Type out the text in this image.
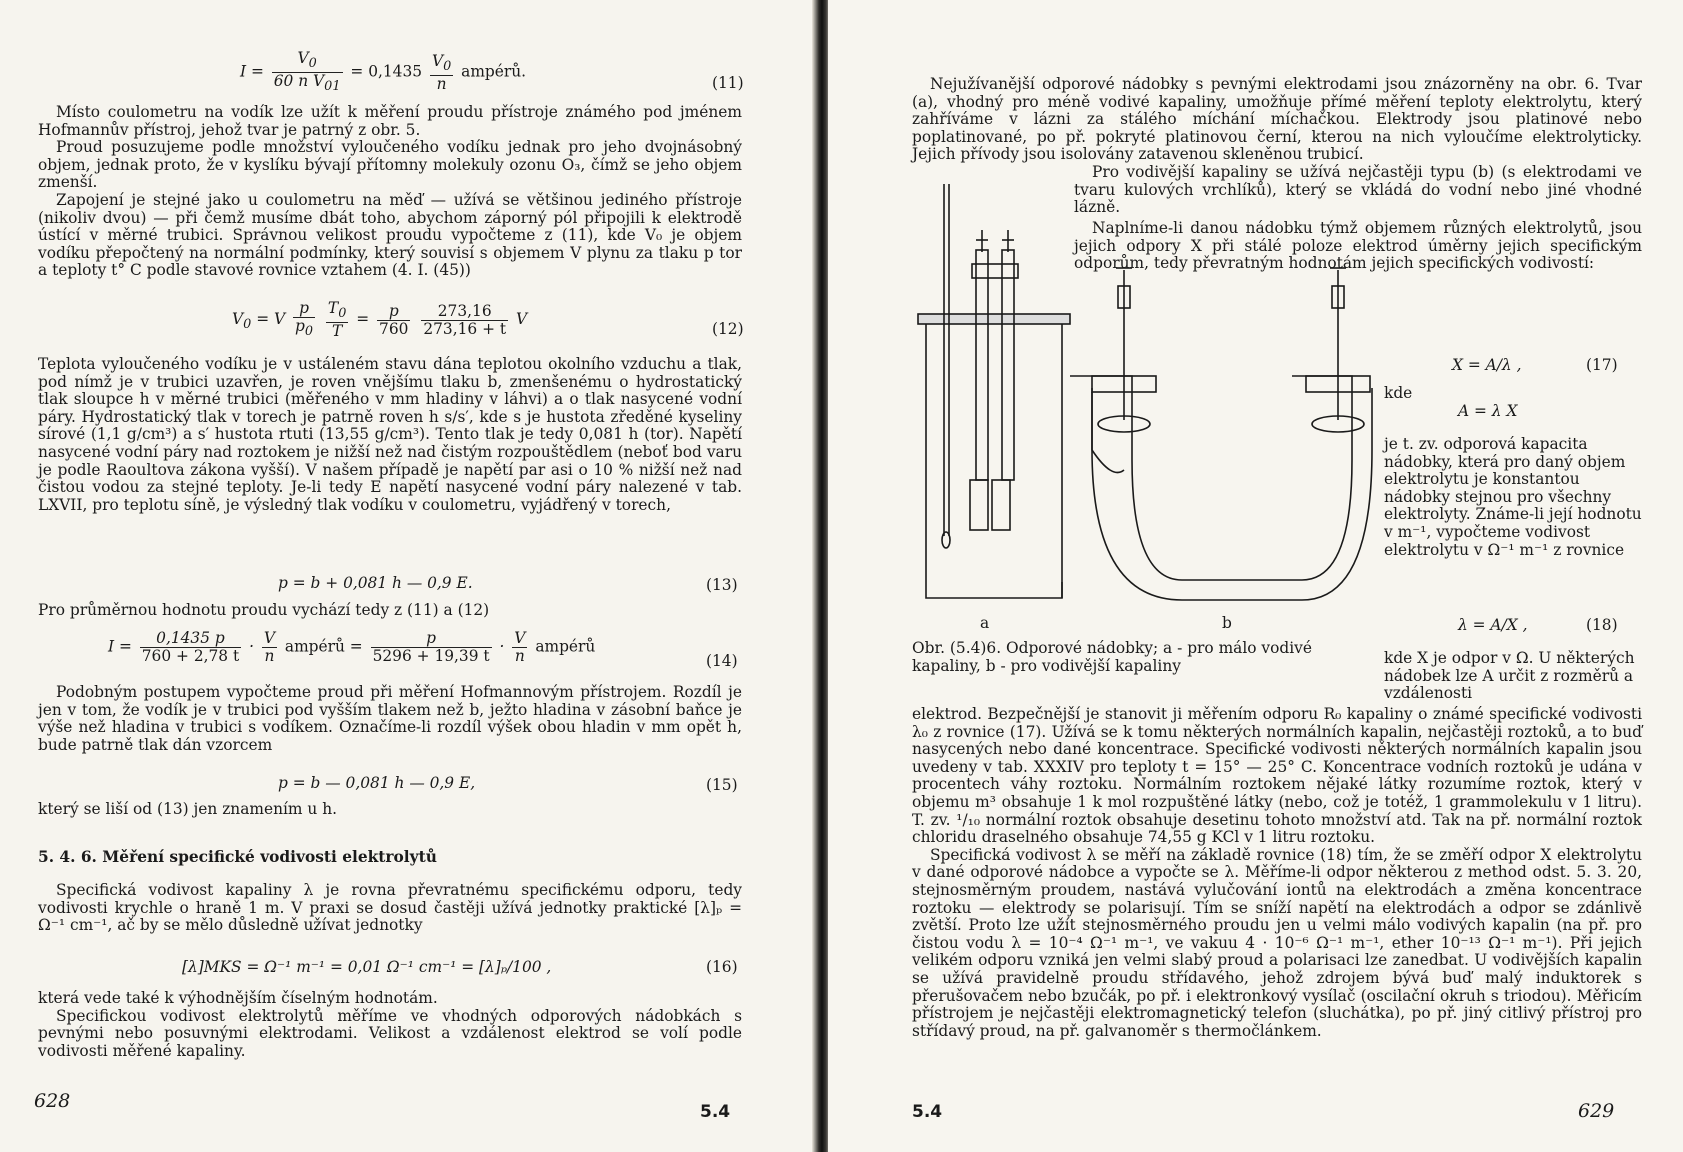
$I = \frac{V_0}{60 n V_{01}} = 0,1435 \frac{V_0}{n}$ ampérů.
(11)

Místo coulometru na vodík lze užít k měření proudu přístroje známého pod jménem Hofmannův přístroj, jehož tvar je patrný z obr. 5.

Proud posuzujeme podle množství vyloučeného vodíku jednak pro jeho dvojnásobný objem, jednak proto, že v kyslíku bývají přítomny molekuly ozonu O₃, čímž se jeho objem zmenší.

Zapojení je stejné jako u coulometru na měď — užívá se většinou jediného přístroje (nikoliv dvou) — při čemž musíme dbát toho, abychom záporný pól připojili k elektrodě ústící v měrné trubici. Správnou velikost proudu vypočteme z (11), kde V₀ je objem vodíku přepočtený na normální podmínky, který souvisí s objemem V plynu za tlaku p tor a teploty t° C podle stavové rovnice vztahem (4. I. (45))

$V_0 = V \frac{p}{p_0}$
$\frac{T_0}{T} = \frac{p}{760}$
$\frac{273,16}{273,16 + t}$ V
(12)

Teplota vyloučeného vodíku je v ustáleném stavu dána teplotou okolního vzduchu a tlak, pod nímž je v trubici uzavřen, je roven vnějšímu tlaku b, zmenšenému o hydrostatický tlak sloupce h v měrné trubici (měřeného v mm hladiny v láhvi) a o tlak nasycené vodní páry. Hydrostatický tlak v torech je patrně roven h s/s′, kde s je hustota zředěné kyseliny sírové (1,1 g/cm³) a s′ hustota rtuti (13,55 g/cm³). Tento tlak je tedy 0,081 h (tor). Napětí nasycené vodní páry nad roztokem je nižší než nad čistým rozpouštědlem (neboť bod varu je podle Raoultova zákona vyšší). V našem případě je napětí par asi o 10 % nižší než nad čistou vodou za stejné teploty. Je-li tedy E napětí nasycené vodní páry nalezené v tab. LXVII, pro teplotu síně, je výsledný tlak vodíku v coulometru, vyjádřený v torech,

p = b + 0,081 h — 0,9 E.	(13)

Pro průměrnou hodnotu proudu vychází tedy z (11) a (12)

$I = \frac{0,1435 p}{760 + 2,78 t} \cdot \frac{V}{n}$ ampérů = $\frac{p}{5296 + 19,39 t} \cdot \frac{V}{n}$ ampérů
(14)

Podobným postupem vypočteme proud při měření Hofmannovým přístrojem. Rozdíl je jen v tom, že vodík je v trubici pod vyšším tlakem než b, ježto hladina v zásobní baňce je výše než hladina v trubici s vodíkem. Označíme-li rozdíl výšek obou hladin v mm opět h, bude patrně tlak dán vzorcem

p = b — 0,081 h — 0,9 E,	(15)

který se liší od (13) jen znamením u h.

5. 4. 6. Měření specifické vodivosti elektrolytů

Specifická vodivost kapaliny λ je rovna převratnému specifickému odporu, tedy vodivosti krychle o hraně 1 m. V praxi se dosud častěji užívá jednotky praktické [λ]ₚ = Ω⁻¹ cm⁻¹, ač by se mělo důsledně užívat jednotky

[λ]MKS = Ω⁻¹ m⁻¹ = 0,01 Ω⁻¹ cm⁻¹ = [λ]ₚ/100 ,	(16)

která vede také k výhodnějším číselným hodnotám.

Specifickou vodivost elektrolytů měříme ve vhodných odporových nádobkách s pevnými nebo posuvnými elektrodami. Velikost a vzdálenost elektrod se volí podle vodivosti měřené kapaliny.

628	5.4

Nejužívanější odporové nádobky s pevnými elektrodami jsou znázorněny na obr. 6. Tvar (a), vhodný pro méně vodivé kapaliny, umožňuje přímé měření teploty elektrolytu, který zahříváme v lázni za stálého míchání míchačkou. Elektrody jsou platinové nebo poplatinované, po př. pokryté platinovou černí, kterou na nich vyloučíme elektrolyticky. Jejich přívody jsou isolovány zatavenou skleněnou trubicí.

Pro vodivější kapaliny se užívá nejčastěji typu (b) (s elektrodami ve tvaru kulových vrchlíků), který se vkládá do vodní nebo jiné vhodné lázně.

Naplníme-li danou nádobku týmž objemem různých elektrolytů, jsou jejich odpory X při stálé poloze elektrod úměrny jejich specifickým odporům, tedy převratným hodnotám jejich specifických vodivostí:

a	b
Obr. (5.4)6. Odporové nádobky; a - pro málo vodivé kapaliny, b - pro vodivější kapaliny
X = A/λ ,	(17)
kde
A = λ X

je t. zv. odporová kapacita nádobky, která pro daný objem elektrolytu je konstantou nádobky stejnou pro všechny elektrolyty. Známe-li její hodnotu v m⁻¹, vypočteme vodivost elektrolytu v Ω⁻¹ m⁻¹ z rovnice

λ = A/X ,	(18)

kde X je odpor v Ω. U některých nádobek lze A určit z rozměrů a vzdálenosti

elektrod. Bezpečnější je stanovit ji měřením odporu R₀ kapaliny o známé specifické vodivosti λ₀ z rovnice (17). Užívá se k tomu některých normálních kapalin, nejčastěji roztoků, a to buď nasycených nebo dané koncentrace. Specifické vodivosti některých normálních kapalin jsou uvedeny v tab. XXXIV pro teploty t = 15° — 25° C. Koncentrace vodních roztoků je udána v procentech váhy roztoku. Normálním roztokem nějaké látky rozumíme roztok, který v objemu m³ obsahuje 1 k mol rozpuštěné látky (nebo, což je totéž, 1 grammolekulu v 1 litru). T. zv. ¹/₁₀ normální roztok obsahuje desetinu tohoto množství atd. Tak na př. normální roztok chloridu draselného obsahuje 74,55 g KCl v 1 litru roztoku.

Specifická vodivost λ se měří na základě rovnice (18) tím, že se změří odpor X elektrolytu v dané odporové nádobce a vypočte se λ. Měříme-li odpor některou z method odst. 5. 3. 20, stejnosměrným proudem, nastává vylučování iontů na elektrodách a změna koncentrace roztoku — elektrody se polarisují. Tím se sníží napětí na elektrodách a odpor se zdánlivě zvětší. Proto lze užít stejnosměrného proudu jen u velmi málo vodivých kapalin (na př. pro čistou vodu λ = 10⁻⁴ Ω⁻¹ m⁻¹, ve vakuu 4 · 10⁻⁶ Ω⁻¹ m⁻¹, ether 10⁻¹³ Ω⁻¹ m⁻¹). Při jejich velikém odporu vzniká jen velmi slabý proud a polarisaci lze zanedbat. U vodivějších kapalin se užívá pravidelně proudu střídavého, jehož zdrojem bývá buď malý induktorek s přerušovačem nebo bzučák, po př. i elektronkový vysílač (oscilační okruh s triodou). Měřicím přístrojem je nejčastěji elektromagnetický telefon (sluchátka), po př. jiný citlivý přístroj pro střídavý proud, na př. galvanoměr s thermočlánkem.

5.4	629
